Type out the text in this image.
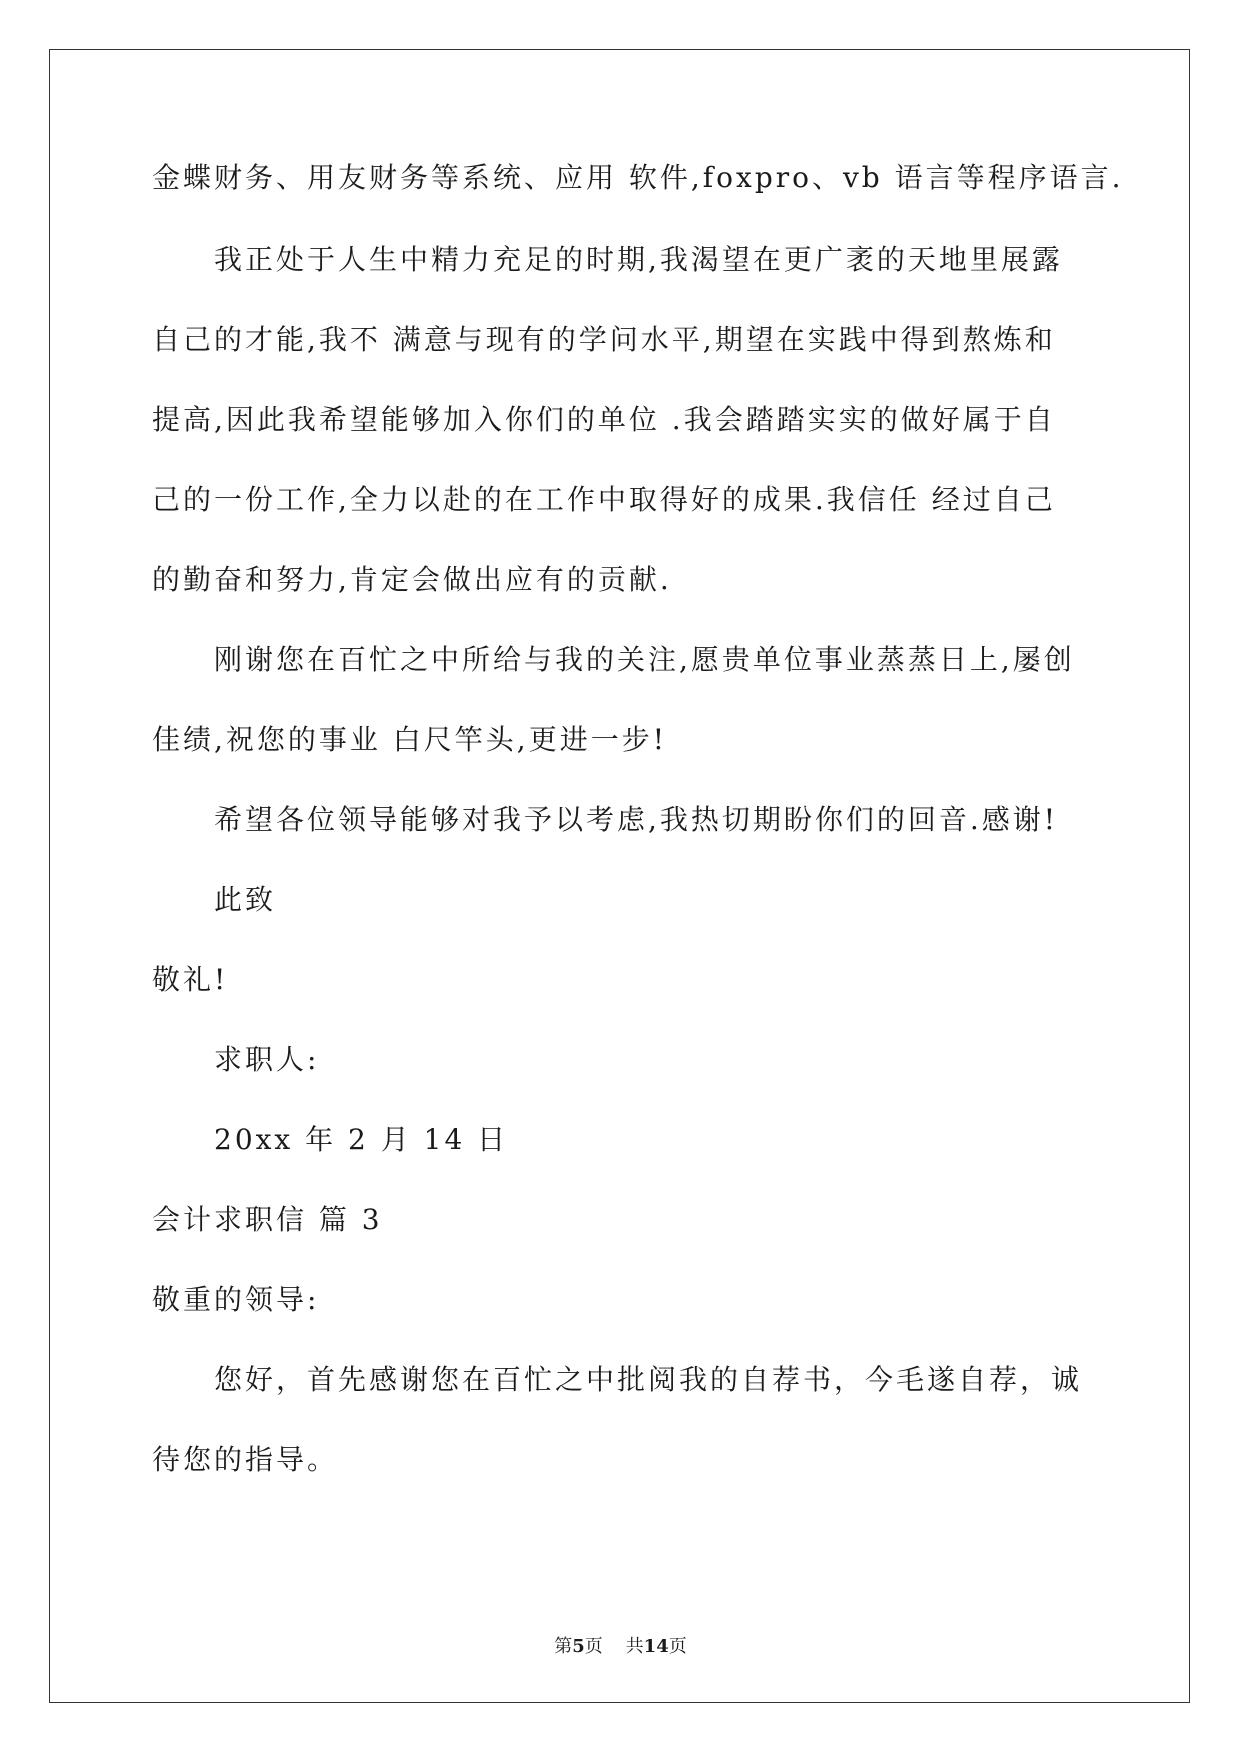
金蝶财务、用友财务等系统、应用 软件,foxpro、vb 语言等程序语言.

我正处于人生中精力充足的时期,我渴望在更广袤的天地里展露

自己的才能,我不 满意与现有的学问水平,期望在实践中得到熬炼和

提高,因此我希望能够加入你们的单位 .我会踏踏实实的做好属于自

己的一份工作,全力以赴的在工作中取得好的成果.我信任 经过自己

的勤奋和努力,肯定会做出应有的贡献.

刚谢您在百忙之中所给与我的关注,愿贵单位事业蒸蒸日上,屡创

佳绩,祝您的事业 白尺竿头,更进一步!

希望各位领导能够对我予以考虑,我热切期盼你们的回音.感谢!

此致

敬礼!

求职人:

20xx 年 2 月 14 日

会计求职信 篇 3

敬重的领导:

您好，首先感谢您在百忙之中批阅我的自荐书，今毛遂自荐，诚

待您的指导。

第5页 共14页
